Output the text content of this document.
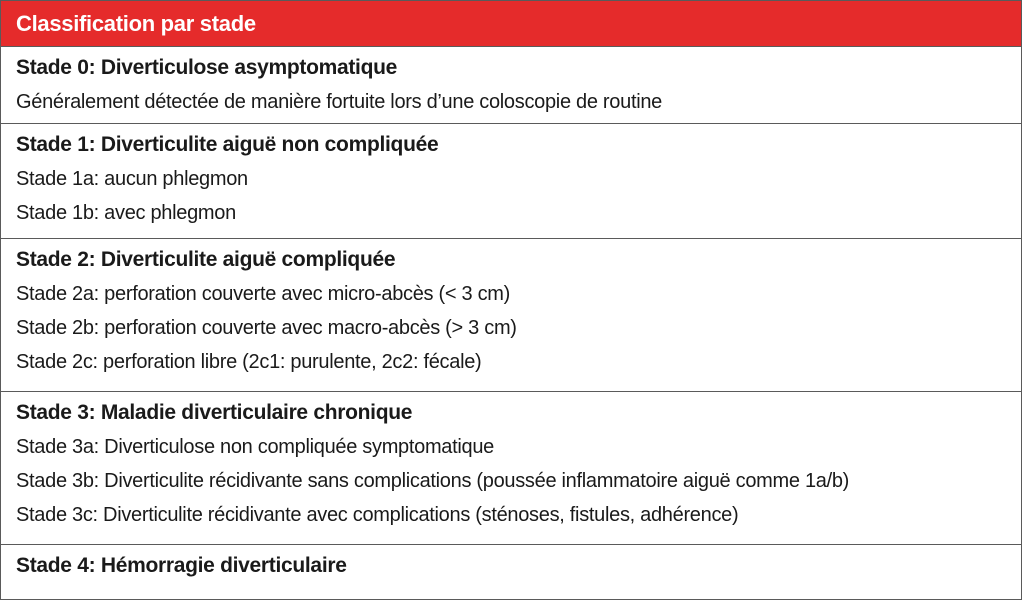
Classification par stade
Stade 0: Diverticulose asymptomatique
Généralement détectée de manière fortuite lors d’une coloscopie de routine
Stade 1: Diverticulite aiguë non compliquée
Stade 1a: aucun phlegmon
Stade 1b: avec phlegmon
Stade 2: Diverticulite aiguë compliquée
Stade 2a: perforation couverte avec micro-abcès (< 3 cm)
Stade 2b: perforation couverte avec macro-abcès (> 3 cm)
Stade 2c: perforation libre (2c1: purulente, 2c2: fécale)
Stade 3: Maladie diverticulaire chronique
Stade 3a: Diverticulose non compliquée symptomatique
Stade 3b: Diverticulite récidivante sans complications (poussée inflammatoire aiguë comme 1a/b)
Stade 3c: Diverticulite récidivante avec complications (sténoses, fistules, adhérence)
Stade 4: Hémorragie diverticulaire
